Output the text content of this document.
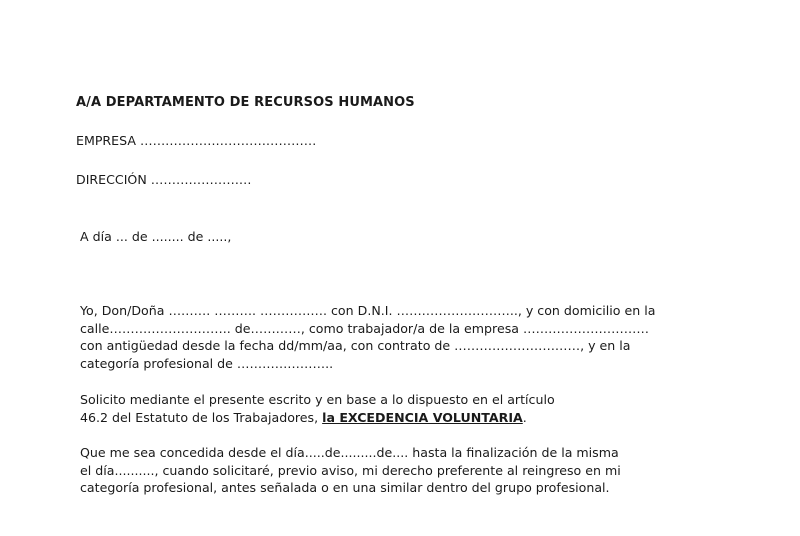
A/A DEPARTAMENTO DE RECURSOS HUMANOS
EMPRESA ……………………………………
DIRECCIÓN ……………………
A día ... de ........ de .....,
Yo, Don/Doña ………. ………. ……………. con D.N.I. ……………………….., y con domicilio en la
calle……………………….. de…………, como trabajador/a de la empresa …………………………
con antigüedad desde la fecha dd/mm/aa, con contrato de …………………………, y en la
categoría profesional de …………………..
Solicito mediante el presente escrito y en base a lo dispuesto en el artículo
46.2 del Estatuto de los Trabajadores, la EXCEDENCIA VOLUNTARIA.
Que me sea concedida desde el día.....de.........de.... hasta la finalización de la misma
el día.........., cuando solicitaré, previo aviso, mi derecho preferente al reingreso en mi
categoría profesional, antes señalada o en una similar dentro del grupo profesional.
